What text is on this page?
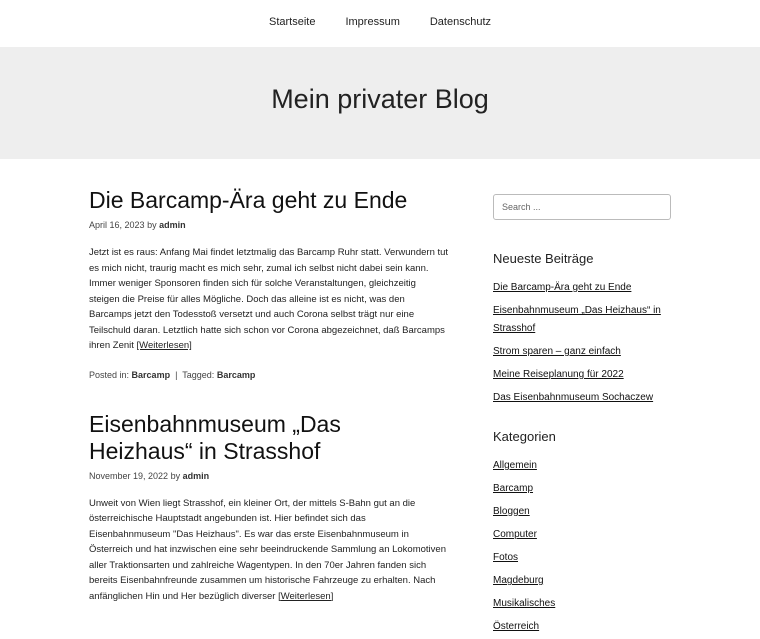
Startseite	Impressum	Datenschutz
Mein privater Blog
Die Barcamp-Ära geht zu Ende
April 16, 2023 by admin

Jetzt ist es raus: Anfang Mai findet letztmalig das Barcamp Ruhr statt. Verwundern tut es mich nicht, traurig macht es mich sehr, zumal ich selbst nicht dabei sein kann. Immer weniger Sponsoren finden sich für solche Veranstaltungen, gleichzeitig steigen die Preise für alles Mögliche. Doch das alleine ist es nicht, was den Barcamps jetzt den Todesstoß versetzt und auch Corona selbst trägt nur eine Teilschuld daran. Letztlich hatte sich schon vor Corona abgezeichnet, daß Barcamps ihren Zenit [Weiterlesen]

Posted in: Barcamp  |  Tagged: Barcamp
Eisenbahnmuseum „Das Heizhaus“ in Strasshof
November 19, 2022 by admin

Unweit von Wien liegt Strasshof, ein kleiner Ort, der mittels S-Bahn gut an die österreichische Hauptstadt angebunden ist. Hier befindet sich das Eisenbahnmuseum "Das Heizhaus". Es war das erste Eisenbahnmuseum in Österreich und hat inzwischen eine sehr beeindruckende Sammlung an Lokomotiven aller Traktionsarten und zahlreiche Wagentypen. In den 70er Jahren fanden sich bereits Eisenbahnfreunde zusammen um historische Fahrzeuge zu erhalten. Nach anfänglichen Hin und Her bezüglich diverser [Weiterlesen]

Search ...
Neueste Beiträge
Die Barcamp-Ära geht zu Ende
Eisenbahnmuseum „Das Heizhaus“ in Strasshof
Strom sparen – ganz einfach
Meine Reiseplanung für 2022
Das Eisenbahnmuseum Sochaczew
Kategorien
Allgemein
Barcamp
Bloggen
Computer
Fotos
Magdeburg
Musikalisches
Österreich
